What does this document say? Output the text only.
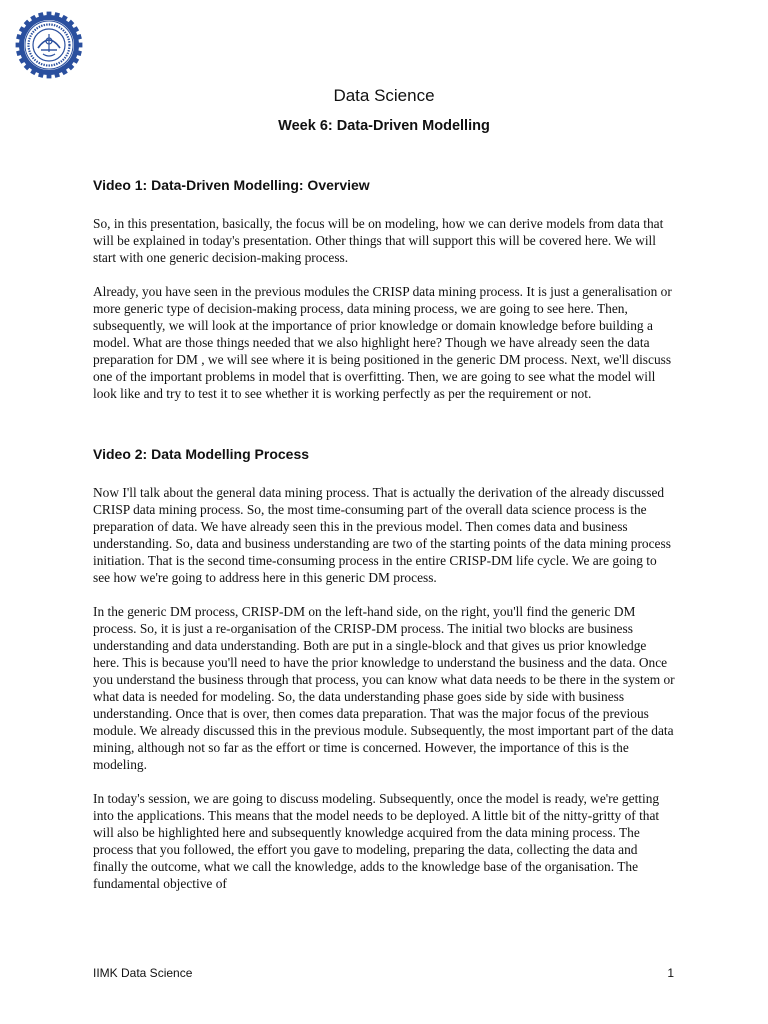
Data Science
Week 6: Data-Driven Modelling
Video 1: Data-Driven Modelling: Overview

So, in this presentation, basically, the focus will be on modeling, how we can derive models from data that will be explained in today's presentation. Other things that will support this will be covered here. We will start with one generic decision-making process.

Already, you have seen in the previous modules the CRISP data mining process. It is just a generalisation or more generic type of decision-making process, data mining process, we are going to see here. Then, subsequently, we will look at the importance of prior knowledge or domain knowledge before building a model. What are those things needed that we also highlight here? Though we have already seen the data preparation for DM , we will see where it is being positioned in the generic DM process. Next, we'll discuss one of the important problems in model that is overfitting. Then, we are going to see what the model will look like and try to test it to see whether it is working perfectly as per the requirement or not.

Video 2: Data Modelling Process

Now I'll talk about the general data mining process. That is actually the derivation of the already discussed CRISP data mining process. So, the most time-consuming part of the overall data science process is the preparation of data. We have already seen this in the previous model. Then comes data and business understanding. So, data and business understanding are two of the starting points of the data mining process initiation. That is the second time-consuming process in the entire CRISP-DM life cycle. We are going to see how we're going to address here in this generic DM process.

In the generic DM process, CRISP-DM on the left-hand side, on the right, you'll find the generic DM process. So, it is just a re-organisation of the CRISP-DM process. The initial two blocks are business understanding and data understanding. Both are put in a single-block and that gives us prior knowledge here. This is because you'll need to have the prior knowledge to understand the business and the data. Once you understand the business through that process, you can know what data needs to be there in the system or what data is needed for modeling. So, the data understanding phase goes side by side with business understanding. Once that is over, then comes data preparation. That was the major focus of the previous module. We already discussed this in the previous module. Subsequently, the most important part of the data mining, although not so far as the effort or time is concerned. However, the importance of this is the modeling.

In today's session, we are going to discuss modeling. Subsequently, once the model is ready, we're getting into the applications. This means that the model needs to be deployed. A little bit of the nitty-gritty of that will also be highlighted here and subsequently knowledge acquired from the data mining process. The process that you followed, the effort you gave to modeling, preparing the data, collecting the data and finally the outcome, what we call the knowledge, adds to the knowledge base of the organisation. The fundamental objective of

IIMK Data Science	1
